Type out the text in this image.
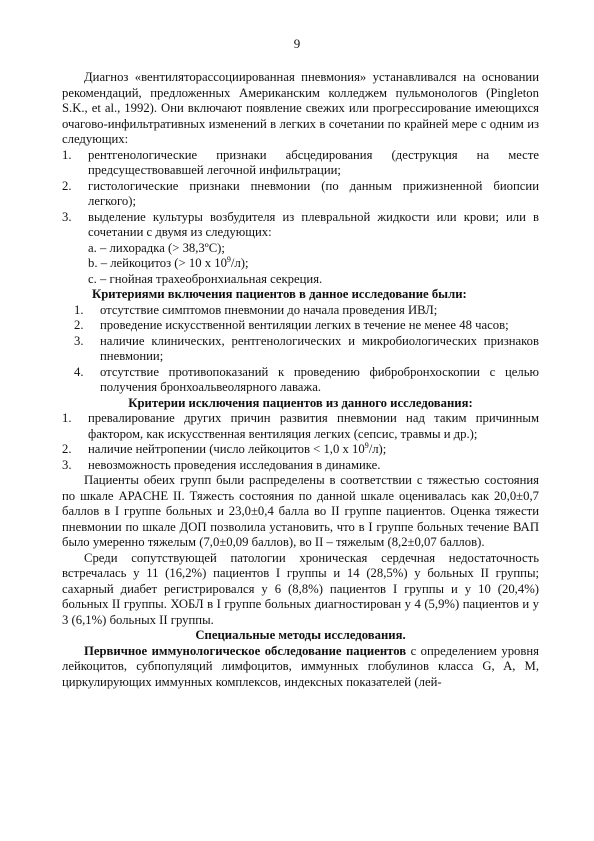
9

Диагноз «вентиляторассоциированная пневмония» устанавливался на основании рекомендаций, предложенных Американским колледжем пульмонологов (Pingleton S.K., et al., 1992). Они включают появление свежих или прогрессирование имеющихся очагово-инфильтративных изменений в легких в сочетании по крайней мере с одним из следующих:

1. рентгенологические признаки абсцедирования (деструкция на месте предсуществовавшей легочной инфильтрации;
2. гистологические признаки пневмонии (по данным прижизненной биопсии легкого);
3. выделение культуры возбудителя из плевральной жидкости или крови; или в сочетании с двумя из следующих:
a. – лихорадка (> 38,3ºС);
b. – лейкоцитоз (> 10 x $10^9/л$);
c. – гнойная трахеобронхиальная секреция.
Критериями включения пациентов в данное исследование были:
1. отсутствие симптомов пневмонии до начала проведения ИВЛ;
2. проведение искусственной вентиляции легких в течение не менее 48 часов;
3. наличие клинических, рентгенологических и микробиологических признаков пневмонии;
4. отсутствие противопоказаний к проведению фибробронхоскопии с целью получения бронхоальвеолярного лаважа.
Критерии исключения пациентов из данного исследования:
1. превалирование других причин развития пневмонии над таким причинным фактором, как искусственная вентиляция легких (сепсис, травмы и др.);
2. наличие нейтропении (число лейкоцитов < 1,0 x $10^9/л$);
3. невозможность проведения исследования в динамике.

Пациенты обеих групп были распределены в соответствии с тяжестью состояния по шкале APACHE II. Тяжесть состояния по данной шкале оценивалась как 20,0±0,7 баллов в I группе больных и 23,0±0,4 балла во II группе пациентов. Оценка тяжести пневмонии по шкале ДОП позволила установить, что в I группе больных течение ВАП было умеренно тяжелым (7,0±0,09 баллов), во II – тяжелым (8,2±0,07 баллов).

Среди сопутствующей патологии хроническая сердечная недостаточность встречалась у 11 (16,2%) пациентов I группы и 14 (28,5%) у больных II группы; сахарный диабет регистрировался у 6 (8,8%) пациентов I группы и у 10 (20,4%) больных II группы. ХОБЛ в I группе больных диагностирован у 4 (5,9%) пациентов и у 3 (6,1%) больных II группы.

Специальные методы исследования.

Первичное иммунологическое обследование пациентов с определением уровня лейкоцитов, субпопуляций лимфоцитов, иммунных глобулинов класса G, A, M, циркулирующих иммунных комплексов, индексных показателей (лей-
